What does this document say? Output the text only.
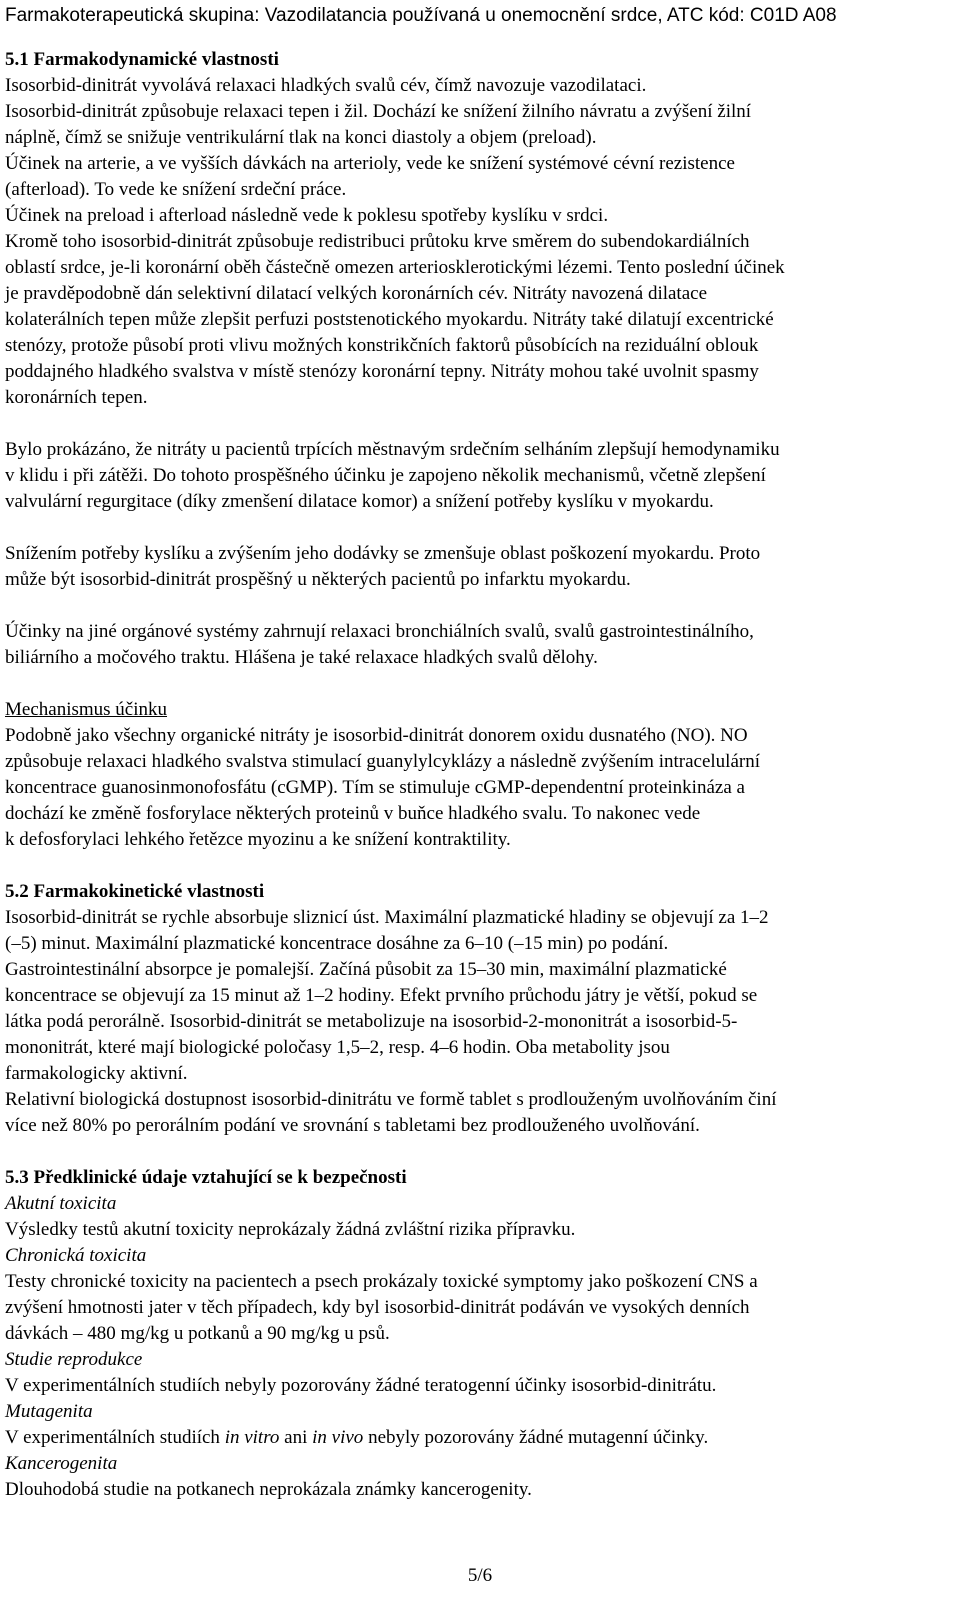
Farmakoterapeutická skupina: Vazodilatancia používaná u onemocnění srdce, ATC kód: C01D A08

5.1 Farmakodynamické vlastnosti

Isosorbid-dinitrát vyvolává relaxaci hladkých svalů cév, čímž navozuje vazodilataci.

Isosorbid-dinitrát způsobuje relaxaci tepen i žil. Dochází ke snížení žilního návratu a zvýšení žilní

náplně, čímž se snižuje ventrikulární tlak na konci diastoly a objem (preload).

Účinek na arterie, a ve vyšších dávkách na arterioly, vede ke snížení systémové cévní rezistence

(afterload). To vede ke snížení srdeční práce.

Účinek na preload i afterload následně vede k poklesu spotřeby kyslíku v srdci.

Kromě toho isosorbid-dinitrát způsobuje redistribuci průtoku krve směrem do subendokardiálních

oblastí srdce, je-li koronární oběh částečně omezen arteriosklerotickými lézemi. Tento poslední účinek

je pravděpodobně dán selektivní dilatací velkých koronárních cév. Nitráty navozená dilatace

kolaterálních tepen může zlepšit perfuzi poststenotického myokardu. Nitráty také dilatují excentrické

stenózy, protože působí proti vlivu možných konstrikčních faktorů působících na reziduální oblouk

poddajného hladkého svalstva v místě stenózy koronární tepny. Nitráty mohou také uvolnit spasmy

koronárních tepen.

Bylo prokázáno, že nitráty u pacientů trpících městnavým srdečním selháním zlepšují hemodynamiku

v klidu i při zátěži. Do tohoto prospěšného účinku je zapojeno několik mechanismů, včetně zlepšení

valvulární regurgitace (díky zmenšení dilatace komor) a snížení potřeby kyslíku v myokardu.

Snížením potřeby kyslíku a zvýšením jeho dodávky se zmenšuje oblast poškození myokardu. Proto

může být isosorbid-dinitrát prospěšný u některých pacientů po infarktu myokardu.

Účinky na jiné orgánové systémy zahrnují relaxaci bronchiálních svalů, svalů gastrointestinálního,

biliárního a močového traktu. Hlášena je také relaxace hladkých svalů dělohy.

Mechanismus účinku

Podobně jako všechny organické nitráty je isosorbid-dinitrát donorem oxidu dusnatého (NO). NO

způsobuje relaxaci hladkého svalstva stimulací guanylylcyklázy a následně zvýšením intracelulární

koncentrace guanosinmonofosfátu (cGMP). Tím se stimuluje cGMP-dependentní proteinkináza a

dochází ke změně fosforylace některých proteinů v buňce hladkého svalu. To nakonec vede

k defosforylaci lehkého řetězce myozinu a ke snížení kontraktility.

5.2 Farmakokinetické vlastnosti

Isosorbid-dinitrát se rychle absorbuje sliznicí úst. Maximální plazmatické hladiny se objevují za 1–2

(–5) minut. Maximální plazmatické koncentrace dosáhne za 6–10 (–15 min) po podání.

Gastrointestinální absorpce je pomalejší. Začíná působit za 15–30 min, maximální plazmatické

koncentrace se objevují za 15 minut až 1–2 hodiny. Efekt prvního průchodu játry je větší, pokud se

látka podá perorálně. Isosorbid-dinitrát se metabolizuje na isosorbid-2-mononitrát a isosorbid-5-

mononitrát, které mají biologické poločasy 1,5–2, resp. 4–6 hodin. Oba metabolity jsou

farmakologicky aktivní.

Relativní biologická dostupnost isosorbid-dinitrátu ve formě tablet s prodlouženým uvolňováním činí

více než 80% po perorálním podání ve srovnání s tabletami bez prodlouženého uvolňování.

5.3 Předklinické údaje vztahující se k bezpečnosti

Akutní toxicita

Výsledky testů akutní toxicity neprokázaly žádná zvláštní rizika přípravku.

Chronická toxicita

Testy chronické toxicity na pacientech a psech prokázaly toxické symptomy jako poškození CNS a

zvýšení hmotnosti jater v těch případech, kdy byl isosorbid-dinitrát podáván ve vysokých denních

dávkách – 480 mg/kg u potkanů a 90 mg/kg u psů.

Studie reprodukce

V experimentálních studiích nebyly pozorovány žádné teratogenní účinky isosorbid-dinitrátu.

Mutagenita

V experimentálních studiích in vitro ani in vivo nebyly pozorovány žádné mutagenní účinky.

Kancerogenita

Dlouhodobá studie na potkanech neprokázala známky kancerogenity.

5/6
